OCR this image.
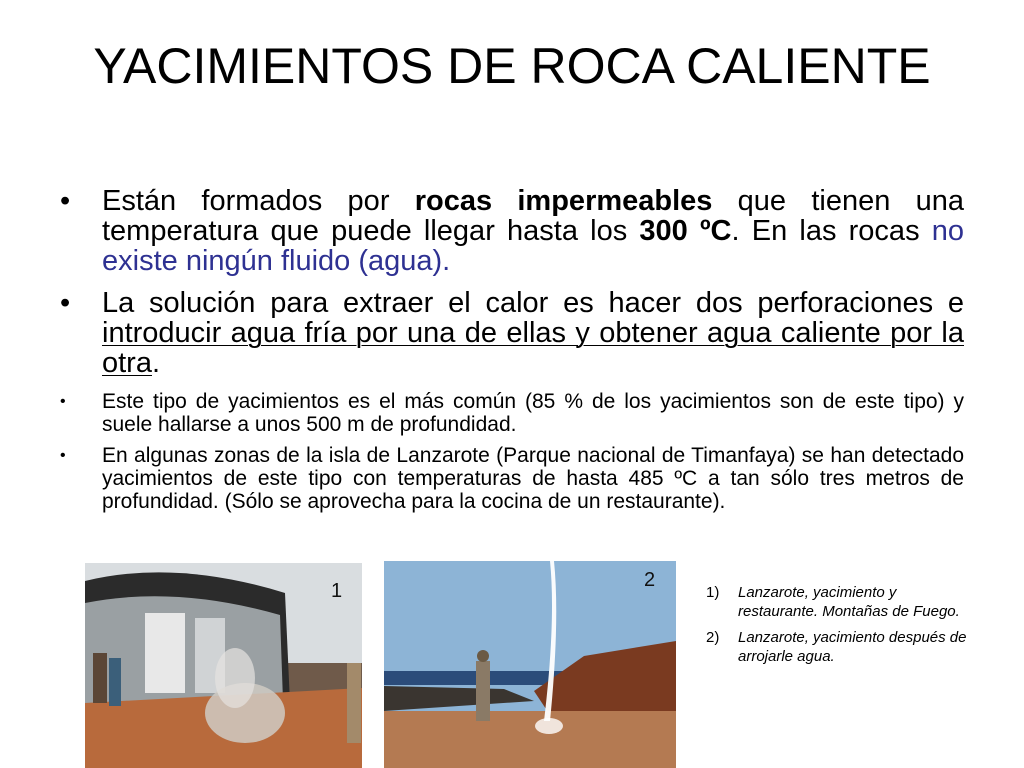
YACIMIENTOS DE ROCA CALIENTE
• Están formados por rocas impermeables que tienen una temperatura que puede llegar hasta los 300 ºC. En las rocas no existe ningún fluido (agua).
• La solución para extraer el calor es hacer dos perforaciones e introducir agua fría por una de ellas y obtener agua caliente por la otra.
• Este tipo de yacimientos es el más común (85 % de los yacimientos son de este tipo) y suele hallarse a unos 500 m de profundidad.
• En algunas zonas de la isla de Lanzarote (Parque nacional de Timanfaya) se han detectado yacimientos de este tipo con temperaturas de hasta 485 ºC a tan sólo tres metros de profundidad. (Sólo se aprovecha para la cocina de un restaurante).
1	2
1) Lanzarote, yacimiento y restaurante. Montañas de Fuego.
2) Lanzarote, yacimiento después de arrojarle agua.
